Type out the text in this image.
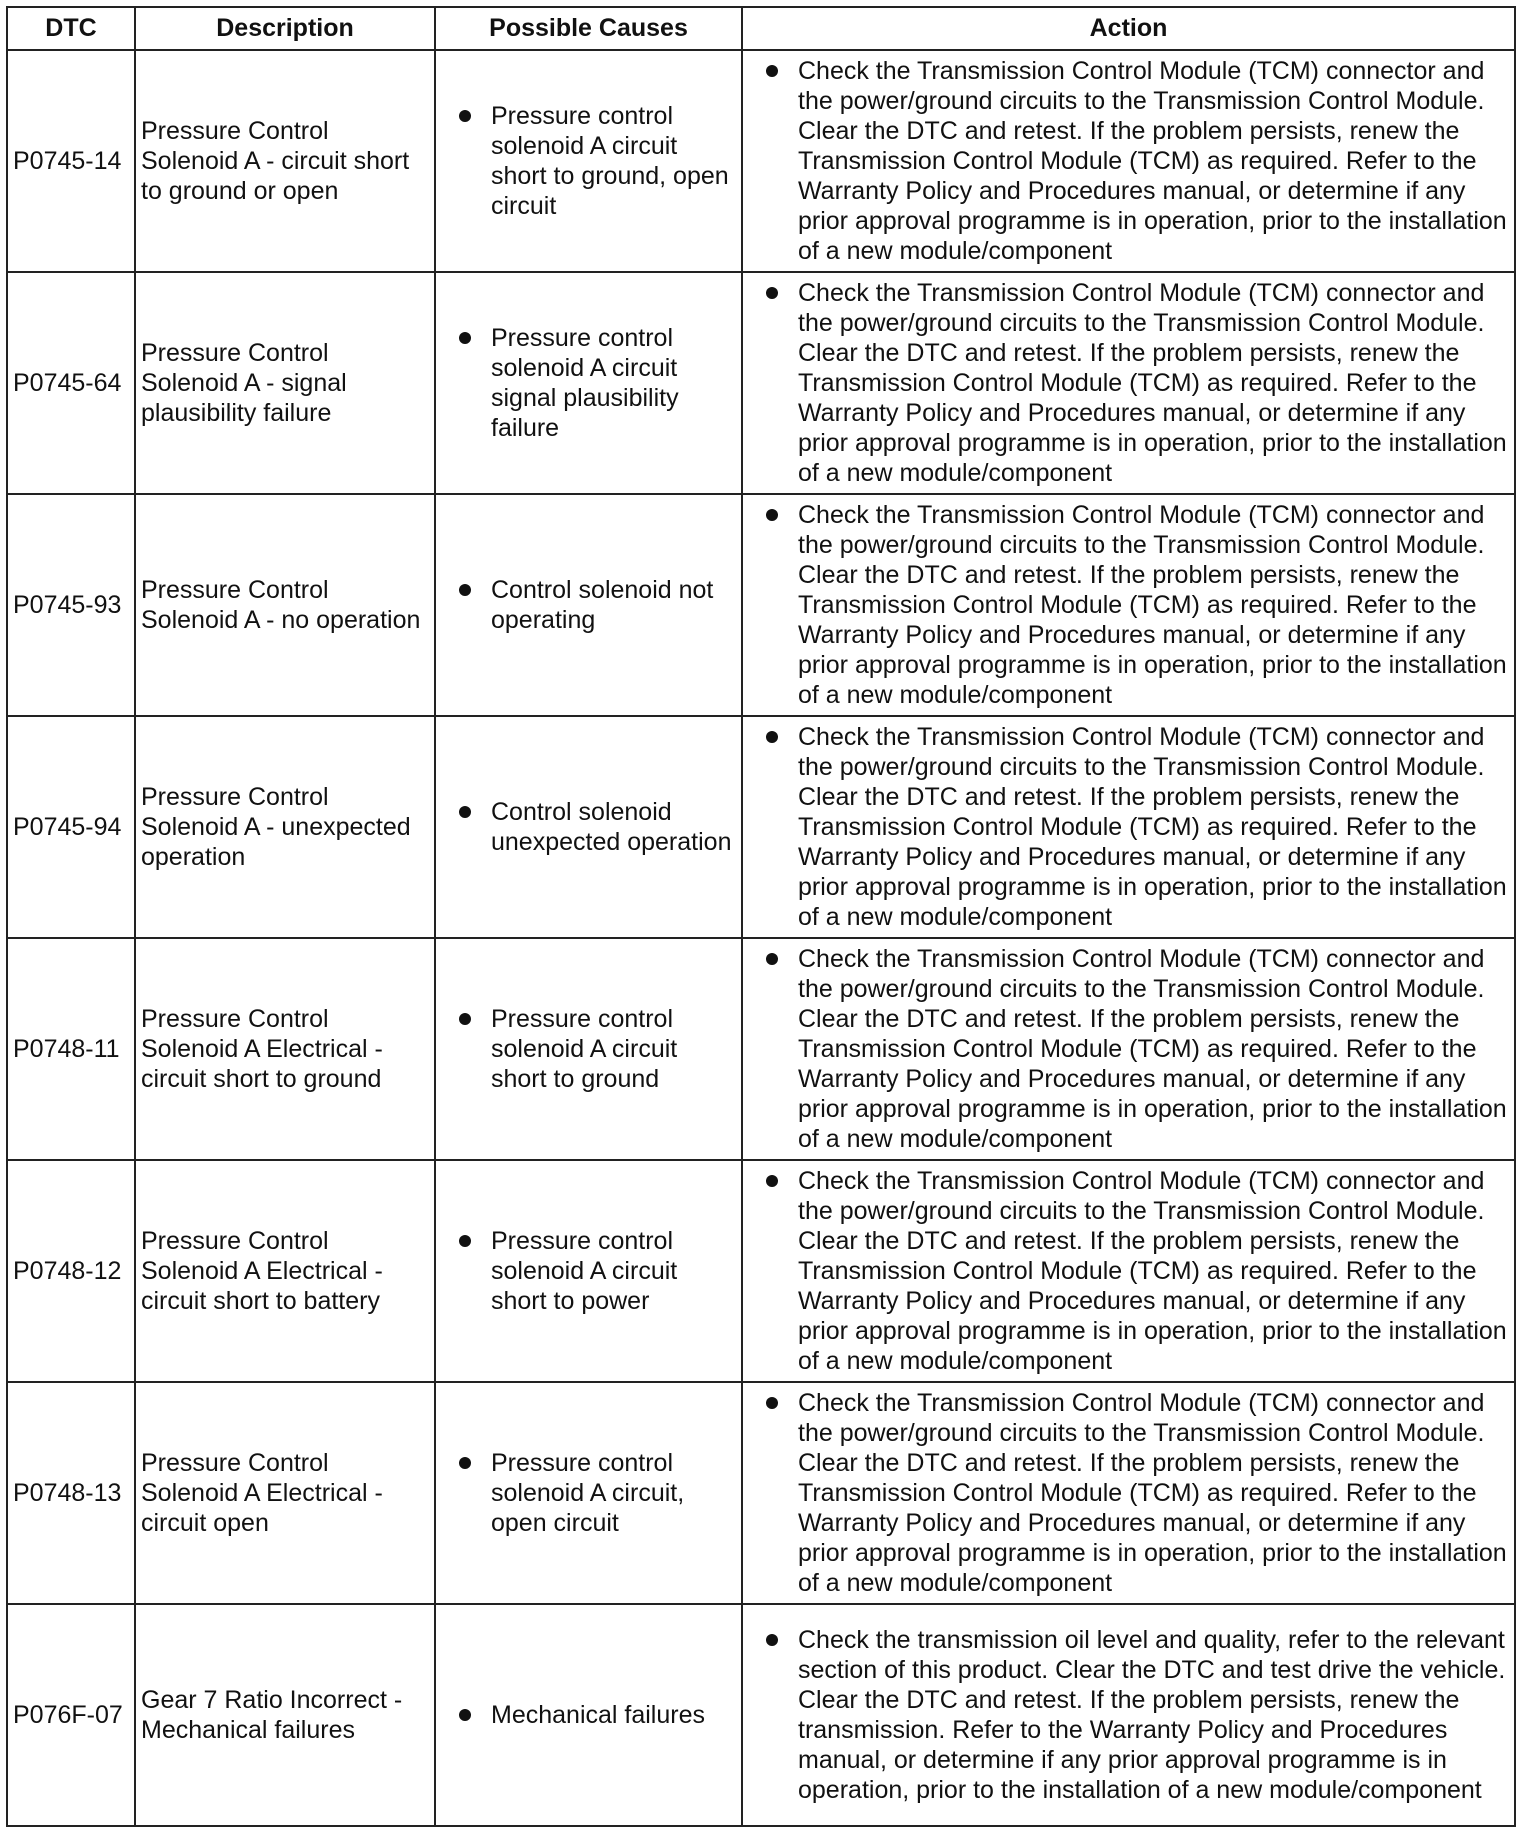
DTC	Description	Possible Causes	Action
P0745-14	Pressure Control Solenoid A - circuit short to ground or open	Pressure control solenoid A circuit short to ground, open circuit	Check the Transmission Control Module (TCM) connector and the power/ground circuits to the Transmission Control Module. Clear the DTC and retest. If the problem persists, renew the Transmission Control Module (TCM) as required. Refer to the Warranty Policy and Procedures manual, or determine if any prior approval programme is in operation, prior to the installation of a new module/component

P0745-64	Pressure Control Solenoid A - signal plausibility failure	Pressure control solenoid A circuit signal plausibility failure	Check the Transmission Control Module (TCM) connector and the power/ground circuits to the Transmission Control Module. Clear the DTC and retest. If the problem persists, renew the Transmission Control Module (TCM) as required. Refer to the Warranty Policy and Procedures manual, or determine if any prior approval programme is in operation, prior to the installation of a new module/component

P0745-93	Pressure Control Solenoid A - no operation	Control solenoid not operating	Check the Transmission Control Module (TCM) connector and the power/ground circuits to the Transmission Control Module. Clear the DTC and retest. If the problem persists, renew the Transmission Control Module (TCM) as required. Refer to the Warranty Policy and Procedures manual, or determine if any prior approval programme is in operation, prior to the installation of a new module/component

P0745-94	Pressure Control Solenoid A - unexpected operation	Control solenoid unexpected operation	Check the Transmission Control Module (TCM) connector and the power/ground circuits to the Transmission Control Module. Clear the DTC and retest. If the problem persists, renew the Transmission Control Module (TCM) as required. Refer to the Warranty Policy and Procedures manual, or determine if any prior approval programme is in operation, prior to the installation of a new module/component

P0748-11	Pressure Control Solenoid A Electrical - circuit short to ground	Pressure control solenoid A circuit short to ground	Check the Transmission Control Module (TCM) connector and the power/ground circuits to the Transmission Control Module. Clear the DTC and retest. If the problem persists, renew the Transmission Control Module (TCM) as required. Refer to the Warranty Policy and Procedures manual, or determine if any prior approval programme is in operation, prior to the installation of a new module/component

P0748-12	Pressure Control Solenoid A Electrical - circuit short to battery	Pressure control solenoid A circuit short to power	Check the Transmission Control Module (TCM) connector and the power/ground circuits to the Transmission Control Module. Clear the DTC and retest. If the problem persists, renew the Transmission Control Module (TCM) as required. Refer to the Warranty Policy and Procedures manual, or determine if any prior approval programme is in operation, prior to the installation of a new module/component

P0748-13	Pressure Control Solenoid A Electrical - circuit open	Pressure control solenoid A circuit, open circuit	Check the Transmission Control Module (TCM) connector and the power/ground circuits to the Transmission Control Module. Clear the DTC and retest. If the problem persists, renew the Transmission Control Module (TCM) as required. Refer to the Warranty Policy and Procedures manual, or determine if any prior approval programme is in operation, prior to the installation of a new module/component

P076F-07	Gear 7 Ratio Incorrect - Mechanical failures	Mechanical failures	Check the transmission oil level and quality, refer to the relevant section of this product. Clear the DTC and test drive the vehicle. Clear the DTC and retest. If the problem persists, renew the transmission. Refer to the Warranty Policy and Procedures manual, or determine if any prior approval programme is in operation, prior to the installation of a new module/component
